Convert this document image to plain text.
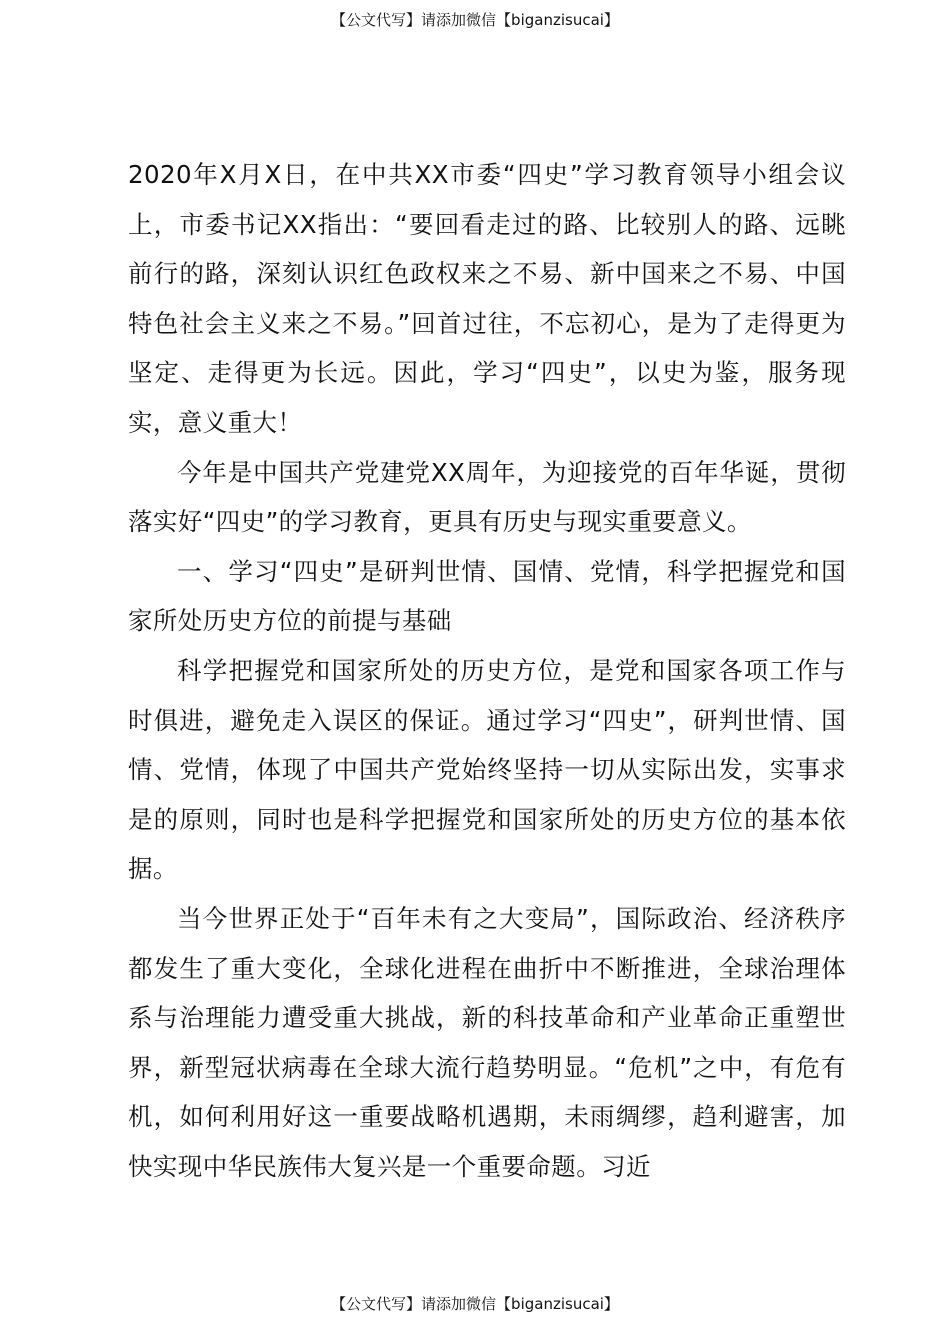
【公文代写】请添加微信【biganzisucai】

2020年X月X日，在中共XX市委“四史”学习教育领导小组会议上，市委书记XX指出：“要回看走过的路、比较别人的路、远眺前行的路，深刻认识红色政权来之不易、新中国来之不易、中国特色社会主义来之不易。”回首过往，不忘初心，是为了走得更为坚定、走得更为长远。因此，学习“四史”，以史为鉴，服务现实，意义重大！

今年是中国共产党建党XX周年，为迎接党的百年华诞，贯彻落实好“四史”的学习教育，更具有历史与现实重要意义。

一、学习“四史”是研判世情、国情、党情，科学把握党和国家所处历史方位的前提与基础

科学把握党和国家所处的历史方位，是党和国家各项工作与时俱进，避免走入误区的保证。通过学习“四史”，研判世情、国情、党情，体现了中国共产党始终坚持一切从实际出发，实事求是的原则，同时也是科学把握党和国家所处的历史方位的基本依据。

当今世界正处于“百年未有之大变局”，国际政治、经济秩序都发生了重大变化，全球化进程在曲折中不断推进，全球治理体系与治理能力遭受重大挑战，新的科技革命和产业革命正重塑世界，新型冠状病毒在全球大流行趋势明显。“危机”之中，有危有机，如何利用好这一重要战略机遇期，未雨绸缪，趋利避害，加快实现中华民族伟大复兴是一个重要命题。习近

【公文代写】请添加微信【biganzisucai】
